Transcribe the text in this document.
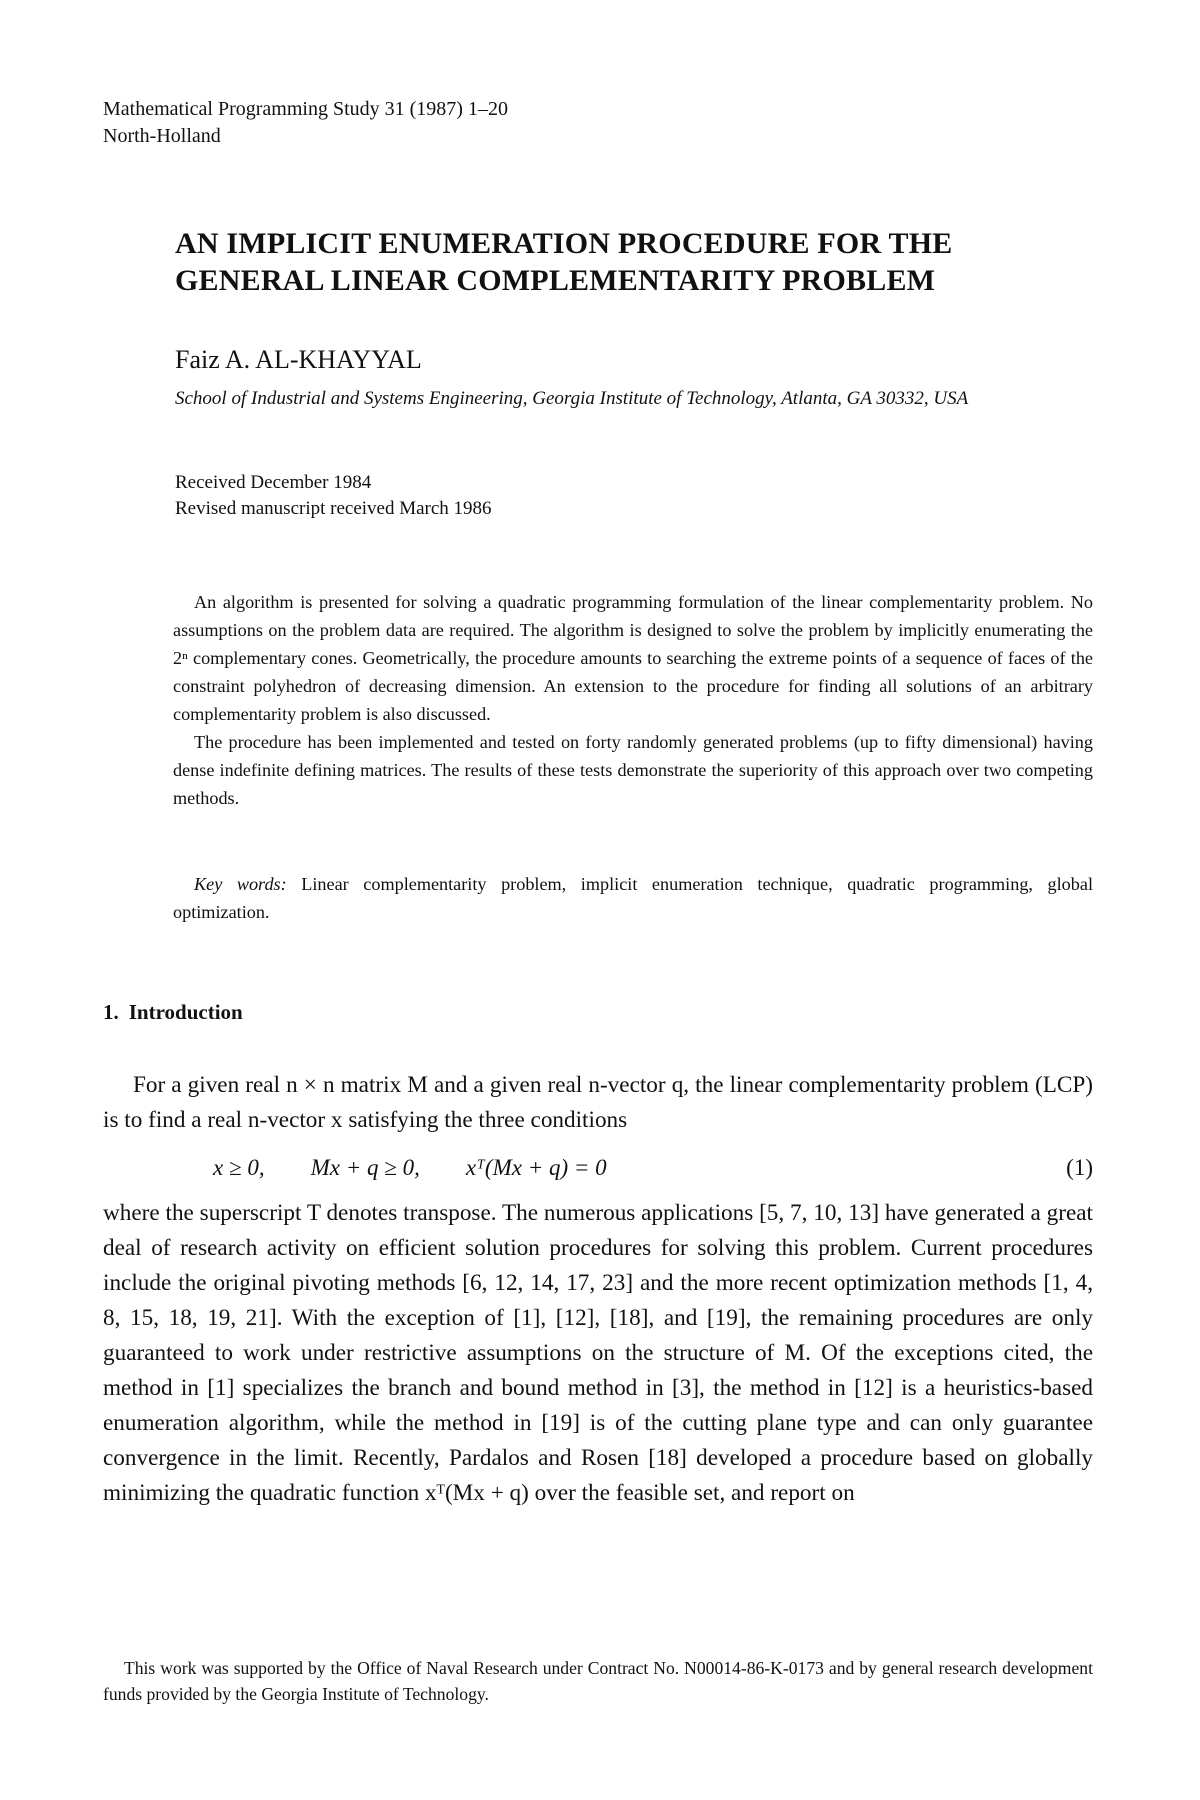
Mathematical Programming Study 31 (1987) 1–20
North-Holland
AN IMPLICIT ENUMERATION PROCEDURE FOR THE
GENERAL LINEAR COMPLEMENTARITY PROBLEM
Faiz A. AL-KHAYYAL
School of Industrial and Systems Engineering, Georgia Institute of Technology, Atlanta, GA 30332, USA
Received December 1984
Revised manuscript received March 1986

An algorithm is presented for solving a quadratic programming formulation of the linear complementarity problem. No assumptions on the problem data are required. The algorithm is designed to solve the problem by implicitly enumerating the 2ⁿ complementary cones. Geometrically, the procedure amounts to searching the extreme points of a sequence of faces of the constraint polyhedron of decreasing dimension. An extension to the procedure for finding all solutions of an arbitrary complementarity problem is also discussed.

The procedure has been implemented and tested on forty randomly generated problems (up to fifty dimensional) having dense indefinite defining matrices. The results of these tests demonstrate the superiority of this approach over two competing methods.

Key words: Linear complementarity problem, implicit enumeration technique, quadratic programming, global optimization.
1. Introduction

For a given real n × n matrix M and a given real n-vector q, the linear complementarity problem (LCP) is to find a real n-vector x satisfying the three conditions

x ≥ 0,        Mx + q ≥ 0,        xᵀ(Mx + q) = 0	(1)

where the superscript T denotes transpose. The numerous applications [5, 7, 10, 13] have generated a great deal of research activity on efficient solution procedures for solving this problem. Current procedures include the original pivoting methods [6, 12, 14, 17, 23] and the more recent optimization methods [1, 4, 8, 15, 18, 19, 21]. With the exception of [1], [12], [18], and [19], the remaining procedures are only guaranteed to work under restrictive assumptions on the structure of M. Of the exceptions cited, the method in [1] specializes the branch and bound method in [3], the method in [12] is a heuristics-based enumeration algorithm, while the method in [19] is of the cutting plane type and can only guarantee convergence in the limit. Recently, Pardalos and Rosen [18] developed a procedure based on globally minimizing the quadratic function xᵀ(Mx + q) over the feasible set, and report on

This work was supported by the Office of Naval Research under Contract No. N00014-86-K-0173 and by general research development funds provided by the Georgia Institute of Technology.
